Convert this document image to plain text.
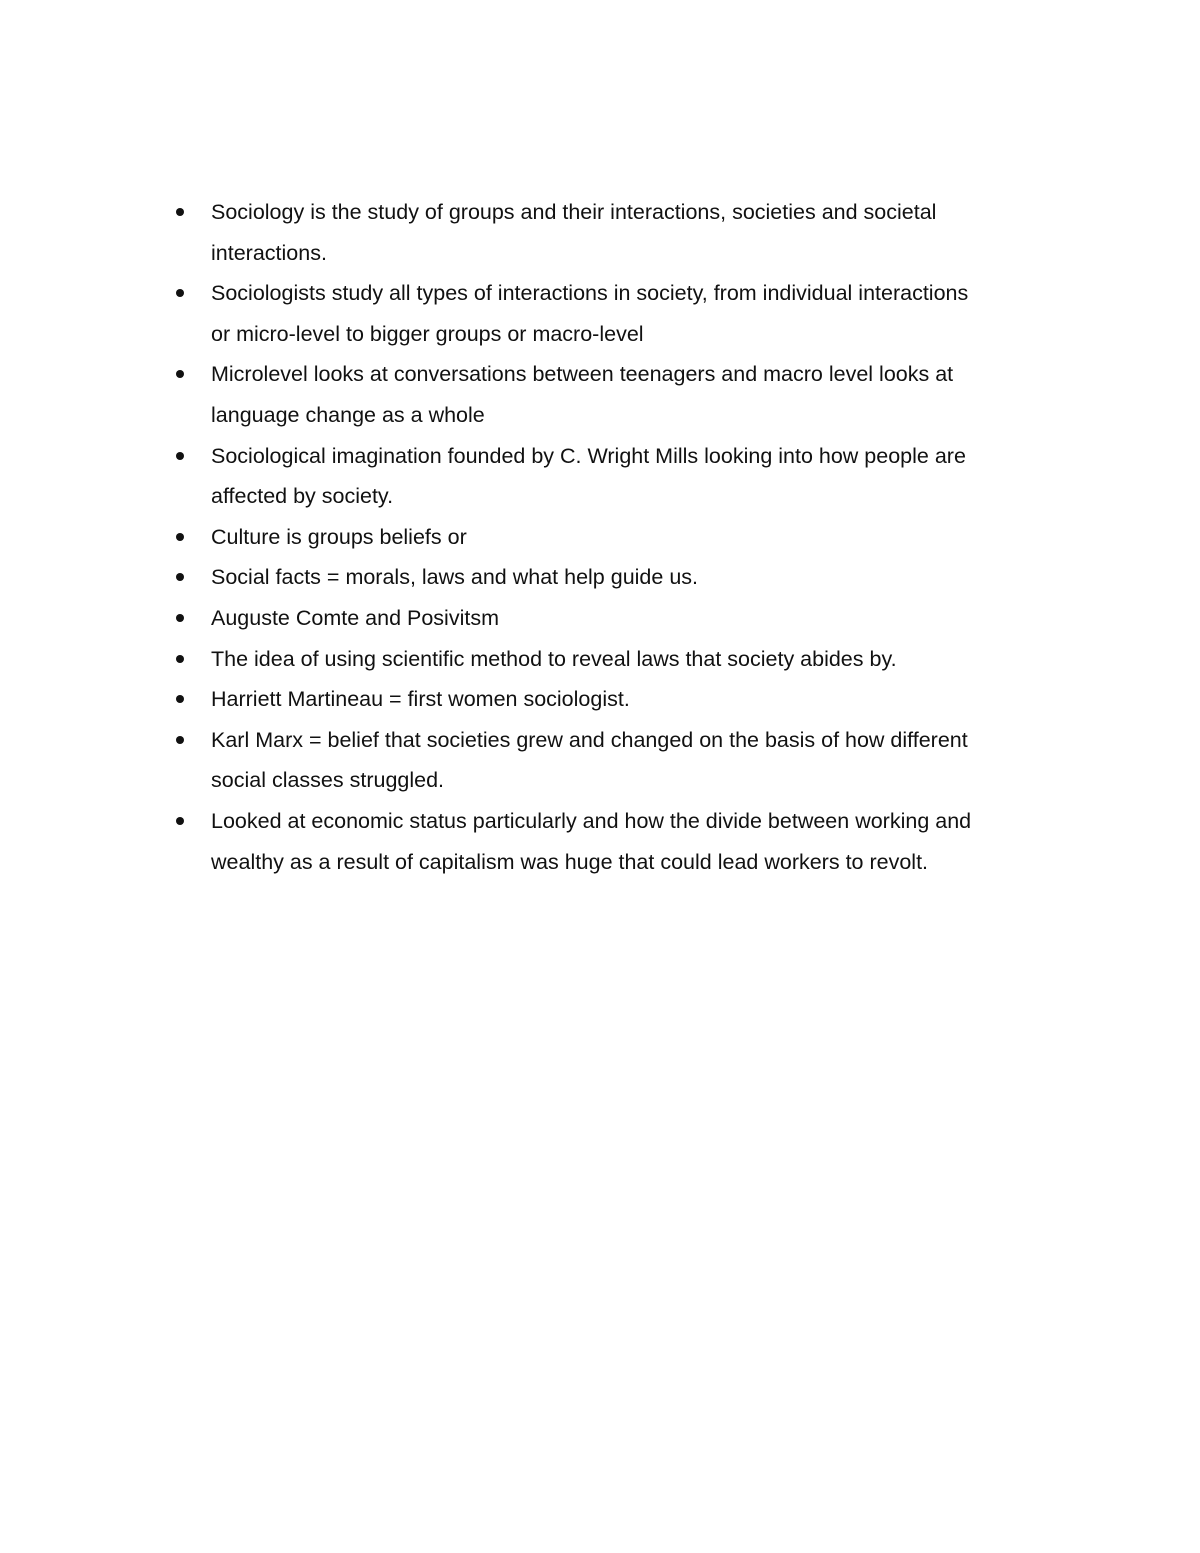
Sociology is the study of groups and their interactions, societies and societal
interactions.
Sociologists study all types of interactions in society, from individual interactions
or micro-level to bigger groups or macro-level
Microlevel looks at conversations between teenagers and macro level looks at
language change as a whole
Sociological imagination founded by C. Wright Mills looking into how people are
affected by society.
Culture is groups beliefs or
Social facts = morals, laws and what help guide us.
Auguste Comte and Posivitsm
The idea of using scientific method to reveal laws that society abides by.
Harriett Martineau = first women sociologist.
Karl Marx = belief that societies grew and changed on the basis of how different
social classes struggled.
Looked at economic status particularly and how the divide between working and
wealthy as a result of capitalism was huge that could lead workers to revolt.
